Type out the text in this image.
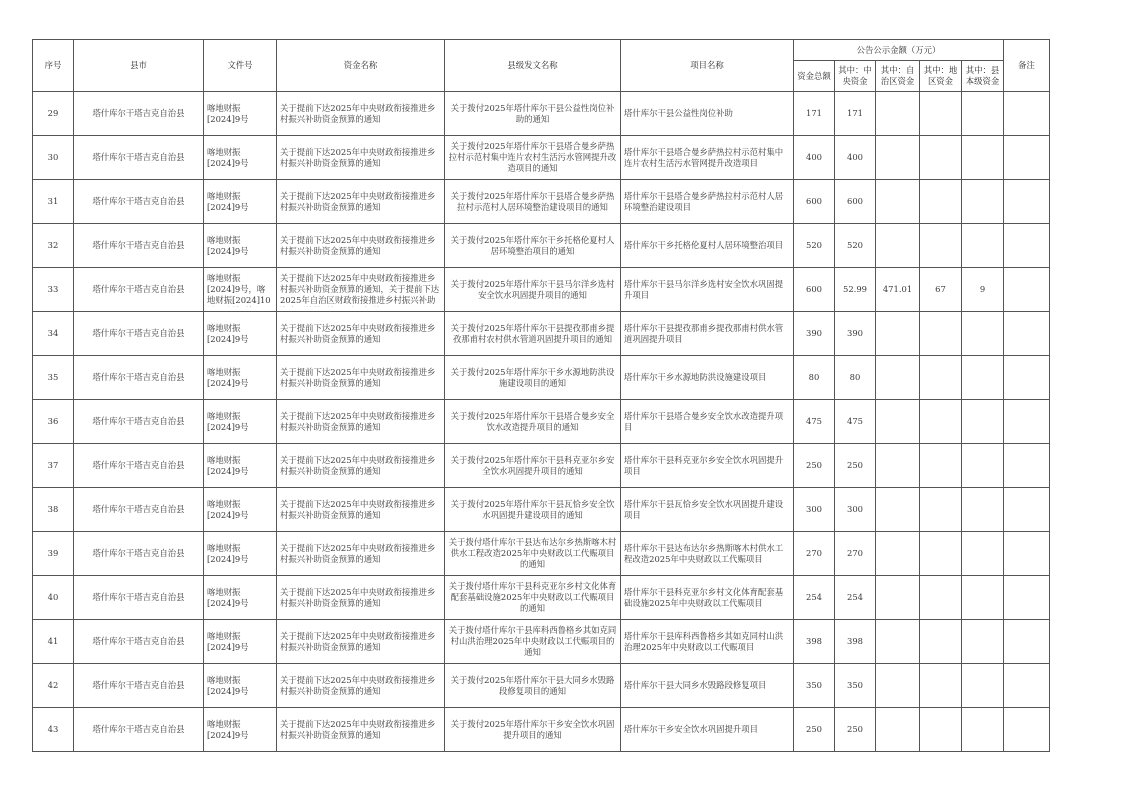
序号	县市	文件号	资金名称	县级发文名称	项目名称	公告公示金额（万元）					备注
						资金总额	其中：中央资金	其中：自治区资金	其中：地区资金	其中：县本级资金	
29	塔什库尔干塔吉克自治县	喀地财振[2024]9号	关于提前下达2025年中央财政衔接推进乡村振兴补助资金预算的通知	关于拨付2025年塔什库尔干县公益性岗位补助的通知	塔什库尔干县公益性岗位补助	171	171				
30	塔什库尔干塔吉克自治县	喀地财振[2024]9号	关于提前下达2025年中央财政衔接推进乡村振兴补助资金预算的通知	关于拨付2025年塔什库尔干县塔合曼乡萨热拉村示范村集中连片农村生活污水管网提升改造项目的通知	塔什库尔干县塔合曼乡萨热拉村示范村集中连片农村生活污水管网提升改造项目	400	400				
31	塔什库尔干塔吉克自治县	喀地财振[2024]9号	关于提前下达2025年中央财政衔接推进乡村振兴补助资金预算的通知	关于拨付2025年塔什库尔干县塔合曼乡萨热拉村示范村人居环境整治建设项目的通知	塔什库尔干县塔合曼乡萨热拉村示范村人居环境整治建设项目	600	600				
32	塔什库尔干塔吉克自治县	喀地财振[2024]9号	关于提前下达2025年中央财政衔接推进乡村振兴补助资金预算的通知	关于拨付2025年塔什库尔干乡托格伦夏村人居环境整治项目的通知	塔什库尔干乡托格伦夏村人居环境整治项目	520	520				
33	塔什库尔干塔吉克自治县	喀地财振[2024]9号，喀地财振[2024]10	关于提前下达2025年中央财政衔接推进乡村振兴补助资金预算的通知，关于提前下达2025年自治区财政衔接推进乡村振兴补助	关于拨付2025年塔什库尔干县马尔洋乡选村安全饮水巩固提升项目的通知	塔什库尔干县马尔洋乡选村安全饮水巩固提升项目	600	52.99	471.01	67	9	
34	塔什库尔干塔吉克自治县	喀地财振[2024]9号	关于提前下达2025年中央财政衔接推进乡村振兴补助资金预算的通知	关于拨付2025年塔什库尔干县提孜那甫乡提孜那甫村农村供水管道巩固提升项目的通知	塔什库尔干县提孜那甫乡提孜那甫村供水管道巩固提升项目	390	390				
35	塔什库尔干塔吉克自治县	喀地财振[2024]9号	关于提前下达2025年中央财政衔接推进乡村振兴补助资金预算的通知	关于拨付2025年塔什库尔干乡水源地防洪设施建设项目的通知	塔什库尔干乡水源地防洪设施建设项目	80	80				
36	塔什库尔干塔吉克自治县	喀地财振[2024]9号	关于提前下达2025年中央财政衔接推进乡村振兴补助资金预算的通知	关于拨付2025年塔什库尔干县塔合曼乡安全饮水改造提升项目的通知	塔什库尔干县塔合曼乡安全饮水改造提升项目	475	475				
37	塔什库尔干塔吉克自治县	喀地财振[2024]9号	关于提前下达2025年中央财政衔接推进乡村振兴补助资金预算的通知	关于拨付2025年塔什库尔干县科克亚尔乡安全饮水巩固提升项目的通知	塔什库尔干县科克亚尔乡安全饮水巩固提升项目	250	250				
38	塔什库尔干塔吉克自治县	喀地财振[2024]9号	关于提前下达2025年中央财政衔接推进乡村振兴补助资金预算的通知	关于拨付2025年塔什库尔干县瓦恰乡安全饮水巩固提升建设项目的通知	塔什库尔干县瓦恰乡安全饮水巩固提升建设项目	300	300				
39	塔什库尔干塔吉克自治县	喀地财振[2024]9号	关于提前下达2025年中央财政衔接推进乡村振兴补助资金预算的通知	关于拨付塔什库尔干县达布达尔乡热斯喀木村供水工程改造2025年中央财政以工代赈项目的通知	塔什库尔干县达布达尔乡热斯喀木村供水工程改造2025年中央财政以工代赈项目	270	270				
40	塔什库尔干塔吉克自治县	喀地财振[2024]9号	关于提前下达2025年中央财政衔接推进乡村振兴补助资金预算的通知	关于拨付塔什库尔干县科克亚尔乡村文化体育配套基础设施2025年中央财政以工代赈项目的通知	塔什库尔干县科克亚尔乡村文化体育配套基础设施2025年中央财政以工代赈项目	254	254				
41	塔什库尔干塔吉克自治县	喀地财振[2024]9号	关于提前下达2025年中央财政衔接推进乡村振兴补助资金预算的通知	关于拨付塔什库尔干县库科西鲁格乡其如克同村山洪治理2025年中央财政以工代赈项目的通知	塔什库尔干县库科西鲁格乡其如克同村山洪治理2025年中央财政以工代赈项目	398	398				
42	塔什库尔干塔吉克自治县	喀地财振[2024]9号	关于提前下达2025年中央财政衔接推进乡村振兴补助资金预算的通知	关于拨付2025年塔什库尔干县大同乡水毁路段修复项目的通知	塔什库尔干县大同乡水毁路段修复项目	350	350				
43	塔什库尔干塔吉克自治县	喀地财振[2024]9号	关于提前下达2025年中央财政衔接推进乡村振兴补助资金预算的通知	关于拨付2025年塔什库尔干乡安全饮水巩固提升项目的通知	塔什库尔干乡安全饮水巩固提升项目	250	250				
